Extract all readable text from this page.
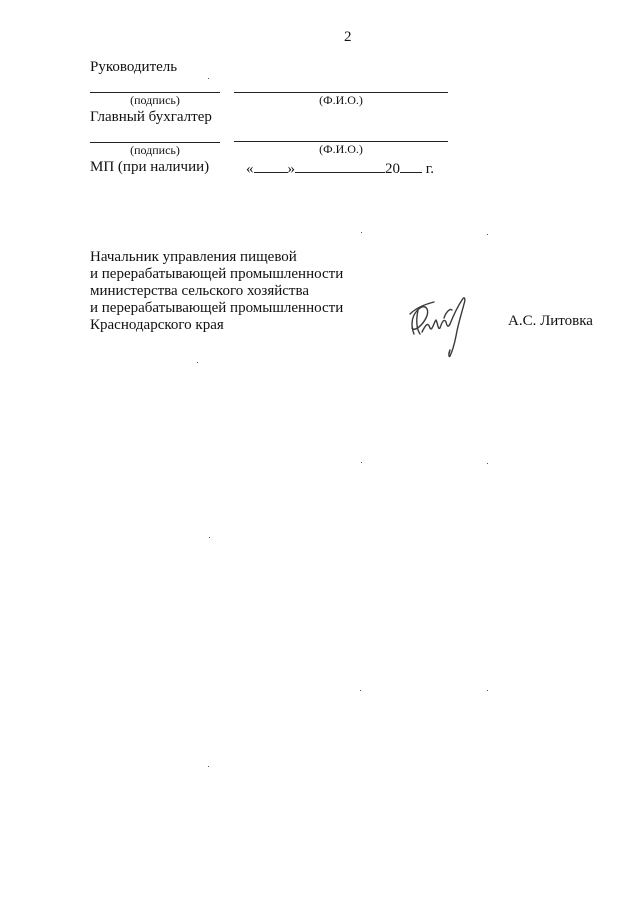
2
Руководитель
(подпись)	(Ф.И.О.)
Главный бухгалтер
(подпись)	(Ф.И.О.)
МП (при наличии) « »	20 г.
Начальник управления пищевой
и перерабатывающей промышленности
министерства сельского хозяйства
и перерабатывающей промышленности
Краснодарского края	А.С. Литовка
